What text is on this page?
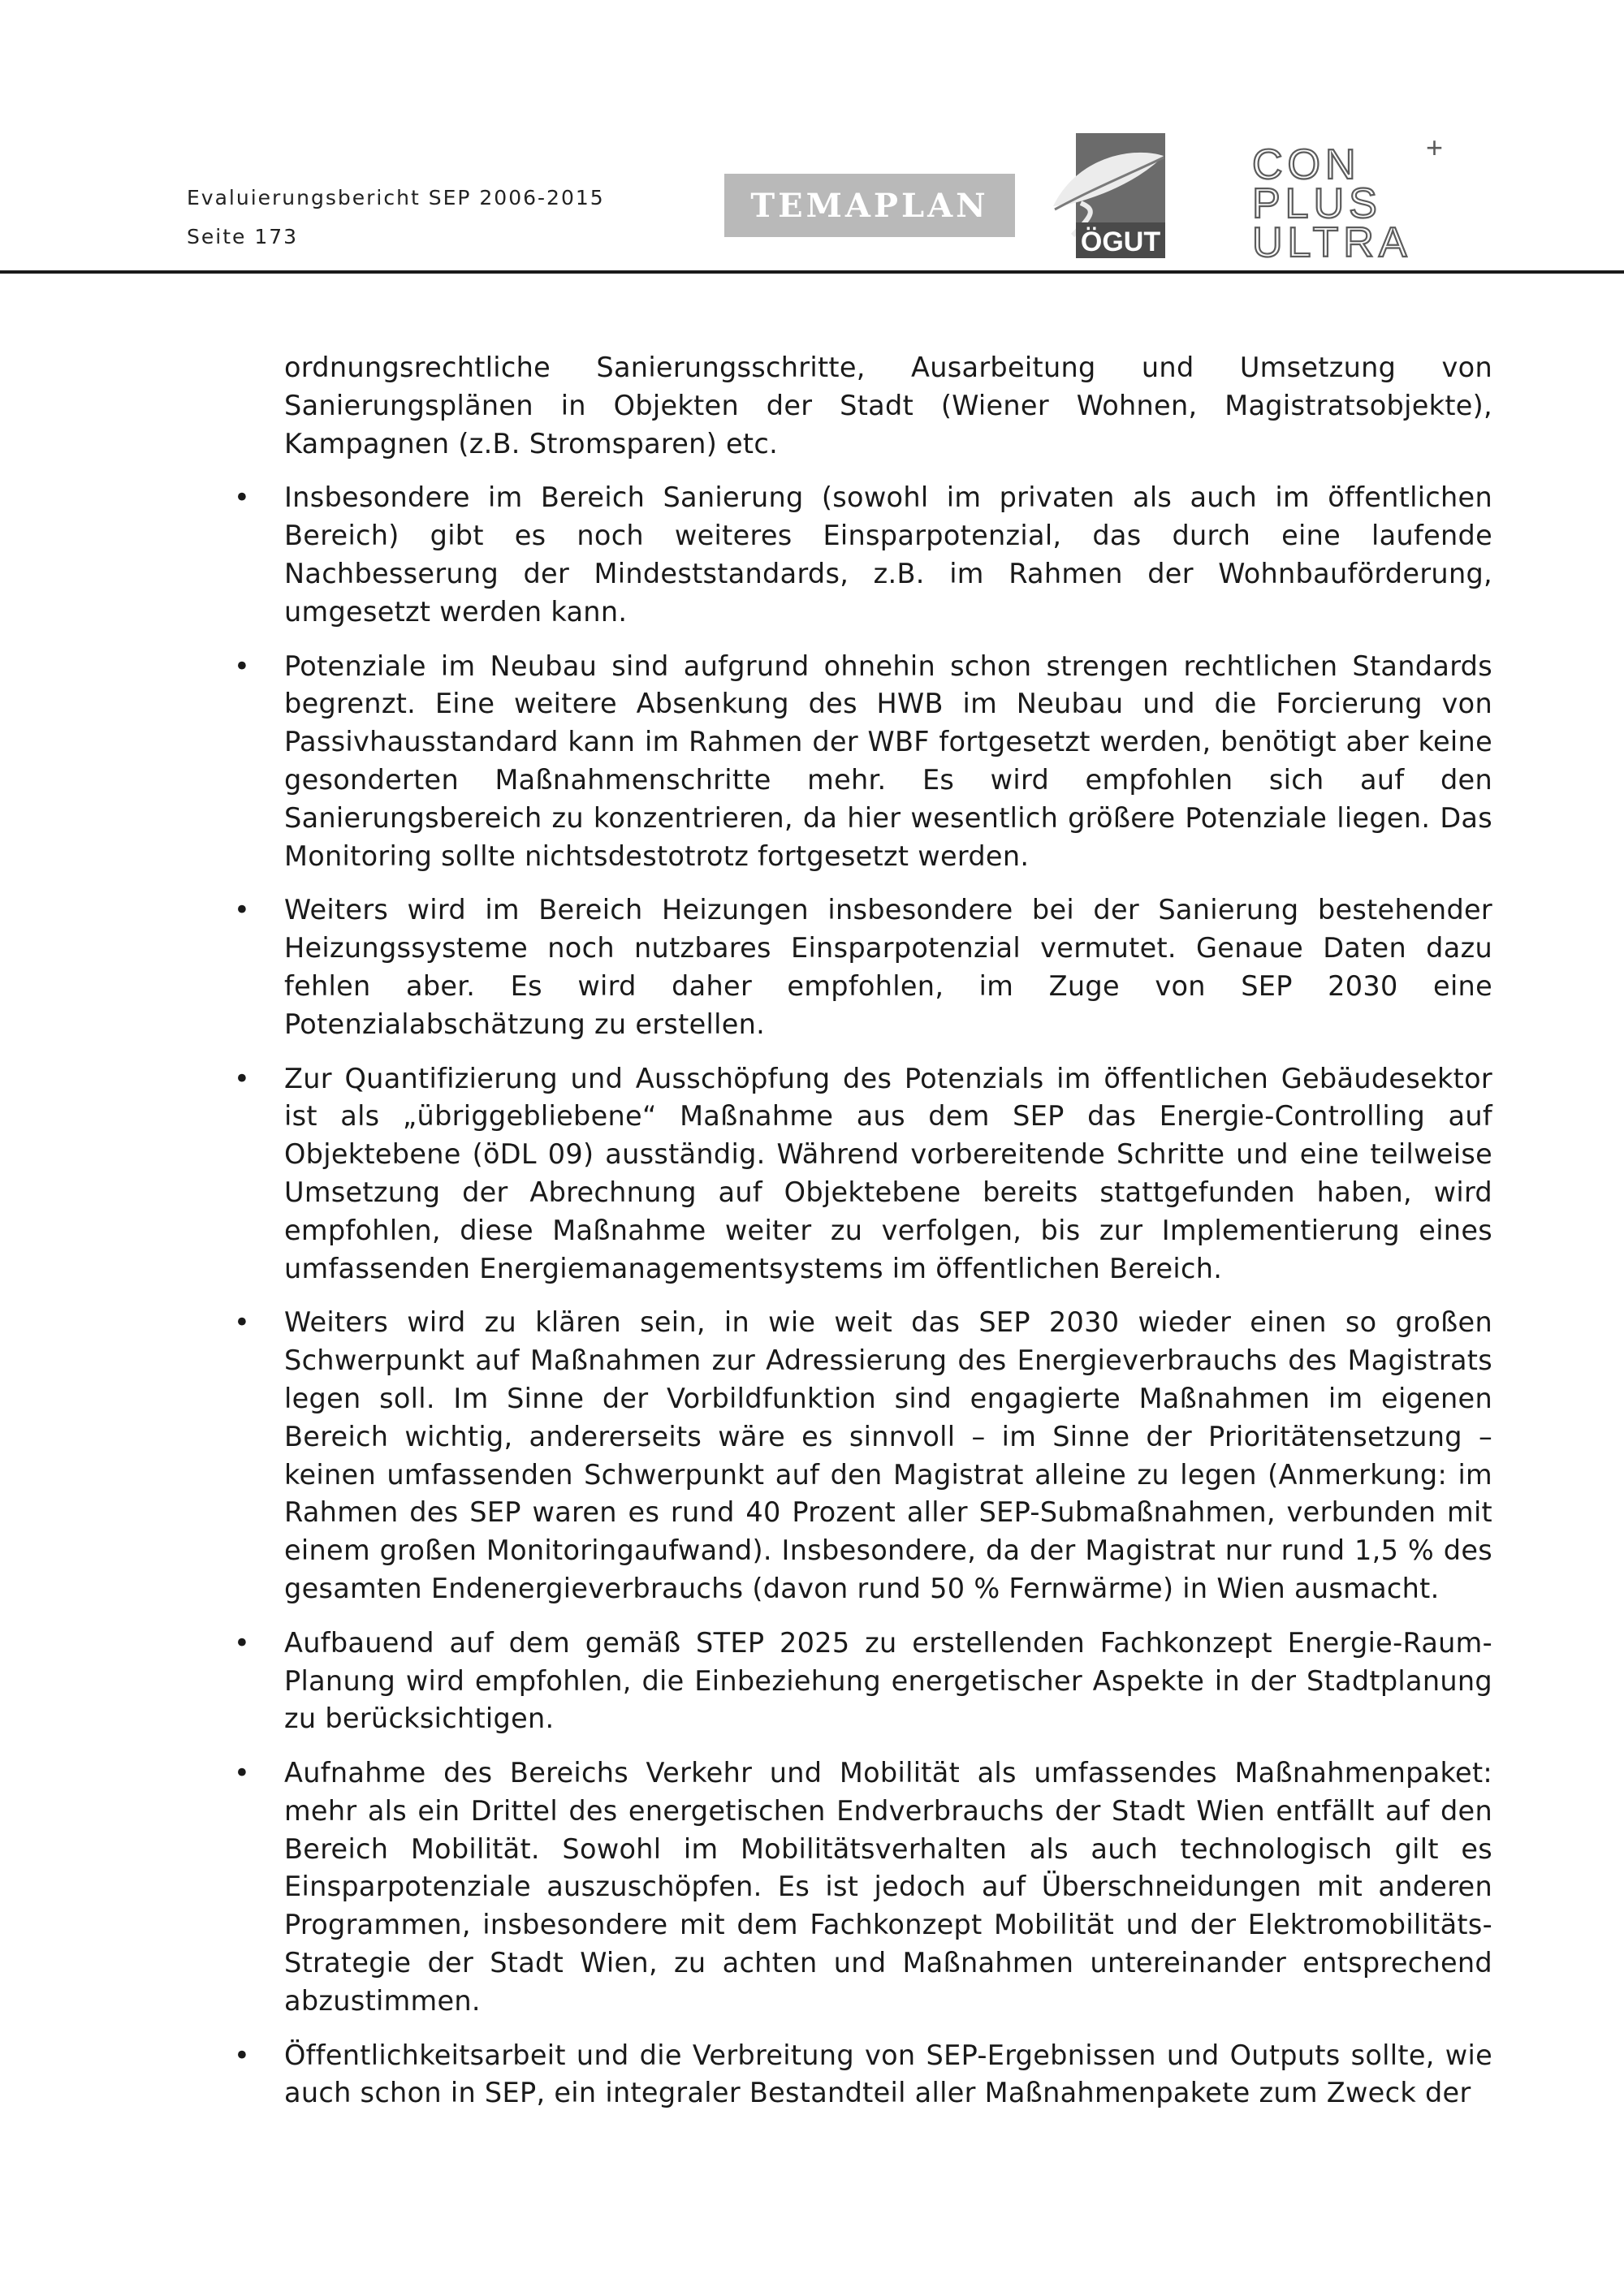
Evaluierungsbericht SEP 2006-2015
Seite 173
TEMAPLAN
ÖGUT
CON
PLUS
ULTRA
+

ordnungsrechtliche Sanierungsschritte, Ausarbeitung und Umsetzung von Sanierungsplänen in Objekten der Stadt (Wiener Wohnen, Magistratsobjekte), Kampagnen (z.B. Stromsparen) etc.

• Insbesondere im Bereich Sanierung (sowohl im privaten als auch im öffentlichen Bereich) gibt es noch weiteres Einsparpotenzial, das durch eine laufende Nachbesserung der Mindeststandards, z.B. im Rahmen der Wohnbauförderung, umgesetzt werden kann.
• Potenziale im Neubau sind aufgrund ohnehin schon strengen rechtlichen Standards begrenzt. Eine weitere Absenkung des HWB im Neubau und die Forcierung von Passivhausstandard kann im Rahmen der WBF fortgesetzt werden, benötigt aber keine gesonderten Maßnahmenschritte mehr. Es wird empfohlen sich auf den Sanierungsbereich zu konzentrieren, da hier wesentlich größere Potenziale liegen. Das Monitoring sollte nichtsdestotrotz fortgesetzt werden.
• Weiters wird im Bereich Heizungen insbesondere bei der Sanierung bestehender Heizungssysteme noch nutzbares Einsparpotenzial vermutet. Genaue Daten dazu fehlen aber. Es wird daher empfohlen, im Zuge von SEP 2030 eine Potenzialabschätzung zu erstellen.
• Zur Quantifizierung und Ausschöpfung des Potenzials im öffentlichen Gebäudesektor ist als „übriggebliebene“ Maßnahme aus dem SEP das Energie-Controlling auf Objektebene (öDL 09) ausständig. Während vorbereitende Schritte und eine teilweise Umsetzung der Abrechnung auf Objektebene bereits stattgefunden haben, wird empfohlen, diese Maßnahme weiter zu verfolgen, bis zur Implementierung eines umfassenden Energiemanagementsystems im öffentlichen Bereich.
• Weiters wird zu klären sein, in wie weit das SEP 2030 wieder einen so großen Schwerpunkt auf Maßnahmen zur Adressierung des Energieverbrauchs des Magistrats legen soll. Im Sinne der Vorbildfunktion sind engagierte Maßnahmen im eigenen Bereich wichtig, andererseits wäre es sinnvoll – im Sinne der Prioritätensetzung – keinen umfassenden Schwerpunkt auf den Magistrat alleine zu legen (Anmerkung: im Rahmen des SEP waren es rund 40 Prozent aller SEP-Submaßnahmen, verbunden mit einem großen Monitoringaufwand). Insbesondere, da der Magistrat nur rund 1,5 % des gesamten Endenergieverbrauchs (davon rund 50 % Fernwärme) in Wien ausmacht.
• Aufbauend auf dem gemäß STEP 2025 zu erstellenden Fachkonzept Energie-Raum-Planung wird empfohlen, die Einbeziehung energetischer Aspekte in der Stadtplanung zu berücksichtigen.
• Aufnahme des Bereichs Verkehr und Mobilität als umfassendes Maßnahmenpaket: mehr als ein Drittel des energetischen Endverbrauchs der Stadt Wien entfällt auf den Bereich Mobilität. Sowohl im Mobilitätsverhalten als auch technologisch gilt es Einsparpotenziale auszuschöpfen. Es ist jedoch auf Überschneidungen mit anderen Programmen, insbesondere mit dem Fachkonzept Mobilität und der Elektromobilitäts-Strategie der Stadt Wien, zu achten und Maßnahmen untereinander entsprechend abzustimmen.
• Öffentlichkeitsarbeit und die Verbreitung von SEP-Ergebnissen und Outputs sollte, wie auch schon in SEP, ein integraler Bestandteil aller Maßnahmenpakete zum Zweck der
